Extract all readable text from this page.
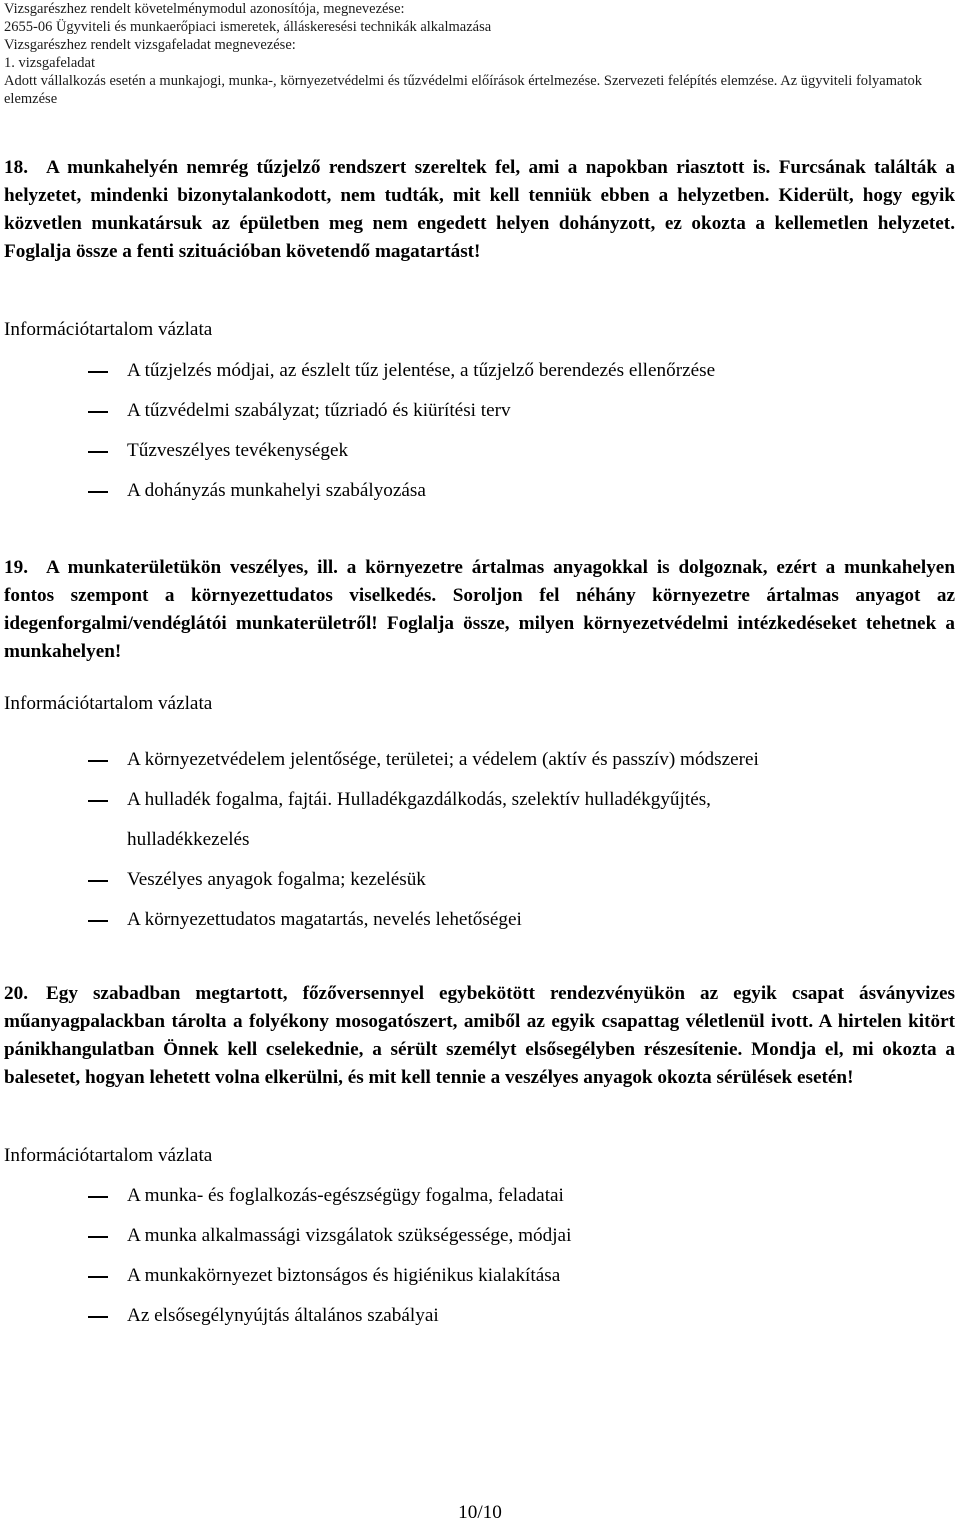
Vizsgarészhez rendelt követelménymodul azonosítója, megnevezése:

2655-06 Ügyviteli és munkaerőpiaci ismeretek, álláskeresési technikák alkalmazása

Vizsgarészhez rendelt vizsgafeladat megnevezése:

1. vizsgafeladat

Adott vállalkozás esetén a munkajogi, munka-, környezetvédelmi és tűzvédelmi előírások értelmezése. Szervezeti felépítés elemzése. Az ügyviteli folyamatok elemzése

18. A munkahelyén nemrég tűzjelző rendszert szereltek fel, ami a napokban riasztott is. Furcsának találták a helyzetet, mindenki bizonytalankodott, nem tudták, mit kell tenniük ebben a helyzetben. Kiderült, hogy egyik közvetlen munkatársuk az épületben meg nem engedett helyen dohányzott, ez okozta a kellemetlen helyzetet. Foglalja össze a fenti szituációban követendő magatartást!
Információtartalom vázlata
A tűzjelzés módjai, az észlelt tűz jelentése, a tűzjelző berendezés ellenőrzése
A tűzvédelmi szabályzat; tűzriadó és kiürítési terv
Tűzveszélyes tevékenységek
A dohányzás munkahelyi szabályozása
19. A munkaterületükön veszélyes, ill. a környezetre ártalmas anyagokkal is dolgoznak, ezért a munkahelyen fontos szempont a környezettudatos viselkedés. Soroljon fel néhány környezetre ártalmas anyagot az idegenforgalmi/vendéglátói munkaterületről! Foglalja össze, milyen környezetvédelmi intézkedéseket tehetnek a munkahelyen!
Információtartalom vázlata
A környezetvédelem jelentősége, területei; a védelem (aktív és passzív) módszerei
A hulladék fogalma, fajtái. Hulladékgazdálkodás, szelektív hulladékgyűjtés,
hulladékkezelés
Veszélyes anyagok fogalma; kezelésük
A környezettudatos magatartás, nevelés lehetőségei
20. Egy szabadban megtartott, főzőversennyel egybekötött rendezvényükön az egyik csapat ásványvizes műanyagpalackban tárolta a folyékony mosogatószert, amiből az egyik csapattag véletlenül ivott. A hirtelen kitört pánikhangulatban Önnek kell cselekednie, a sérült személyt elsősegélyben részesítenie. Mondja el, mi okozta a balesetet, hogyan lehetett volna elkerülni, és mit kell tennie a veszélyes anyagok okozta sérülések esetén!
Információtartalom vázlata
A munka- és foglalkozás-egészségügy fogalma, feladatai
A munka alkalmassági vizsgálatok szükségessége, módjai
A munkakörnyezet biztonságos és higiénikus kialakítása
Az elsősegélynyújtás általános szabályai
10/10
